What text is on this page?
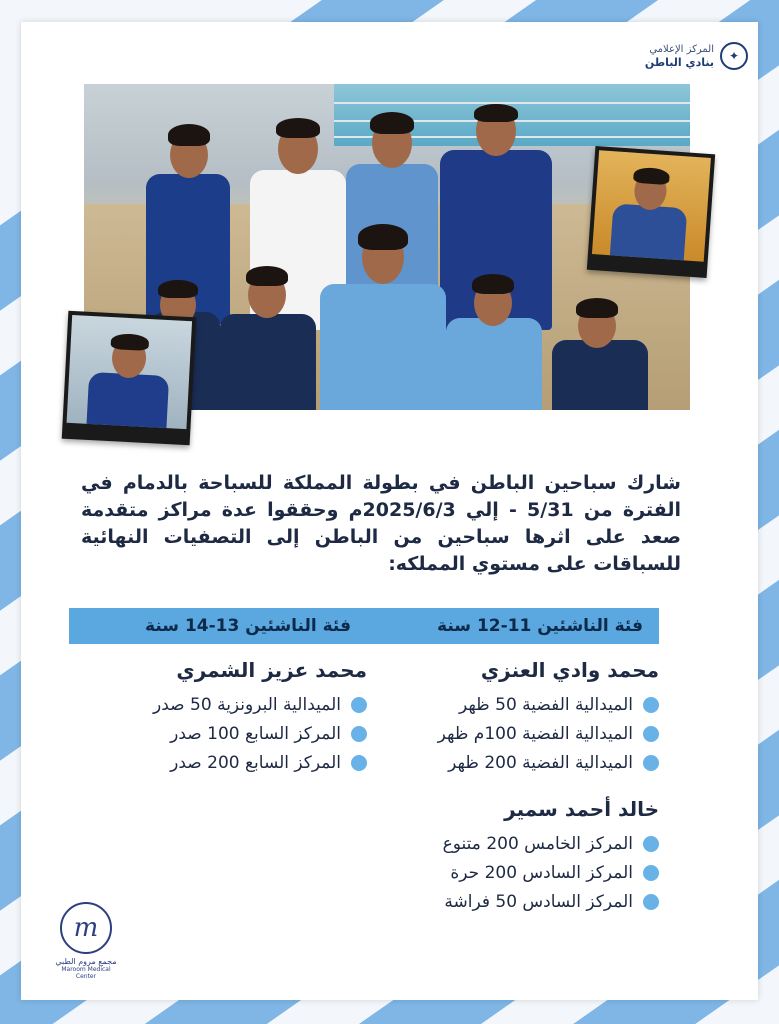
✦
المركز الإعلامي
بنادي الباطن
شارك سباحين الباطن في بطولة المملكة للسباحة بالدمام في الفترة من 5/31 - إلي 2025/6/3م وحققوا عدة مراكز متقدمة صعد على اثرها سباحين من الباطن إلى التصفيات النهائية للسباقات على مستوي المملكه:
فئة الناشئين 11-12 سنة
محمد وادي العنزي
الميدالية الفضية 50 ظهر
الميدالية الفضية 100م ظهر
الميدالية الفضية 200 ظهر
خالد أحمد سمير
المركز الخامس 200 متنوع
المركز السادس 200 حرة
المركز السادس 50 فراشة
فئة الناشئين 13-14 سنة
محمد عزيز الشمري
الميدالية البرونزية 50 صدر
المركز السابع 100 صدر
المركز السابع 200 صدر
m
مجمع مروم الطبي
Maroom Medical Center
